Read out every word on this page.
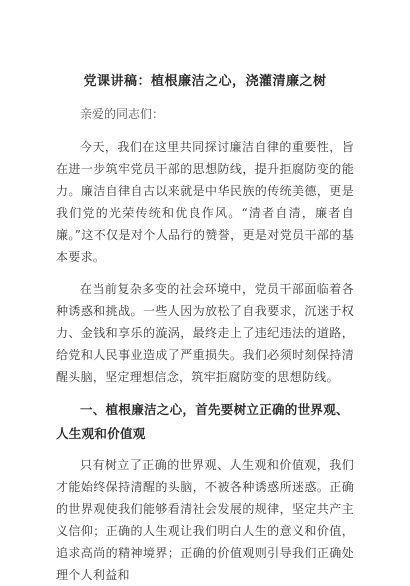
党课讲稿：植根廉洁之心，浇灌清廉之树
亲爱的同志们：

今天，我们在这里共同探讨廉洁自律的重要性，旨在进一步筑牢党员干部的思想防线，提升拒腐防变的能力。廉洁自律自古以来就是中华民族的传统美德，更是我们党的光荣传统和优良作风。“清者自清，廉者自廉。”这不仅是对个人品行的赞誉，更是对党员干部的基本要求。

在当前复杂多变的社会环境中，党员干部面临着各种诱惑和挑战。一些人因为放松了自我要求，沉迷于权力、金钱和享乐的漩涡，最终走上了违纪违法的道路，给党和人民事业造成了严重损失。我们必须时刻保持清醒头脑，坚定理想信念，筑牢拒腐防变的思想防线。

一、植根廉洁之心，首先要树立正确的世界观、人生观和价值观

只有树立了正确的世界观、人生观和价值观，我们才能始终保持清醒的头脑，不被各种诱惑所迷惑。正确的世界观使我们能够看清社会发展的规律，坚定共产主义信仰；正确的人生观让我们明白人生的意义和价值，追求高尚的精神境界；正确的价值观则引导我们正确处理个人利益和
